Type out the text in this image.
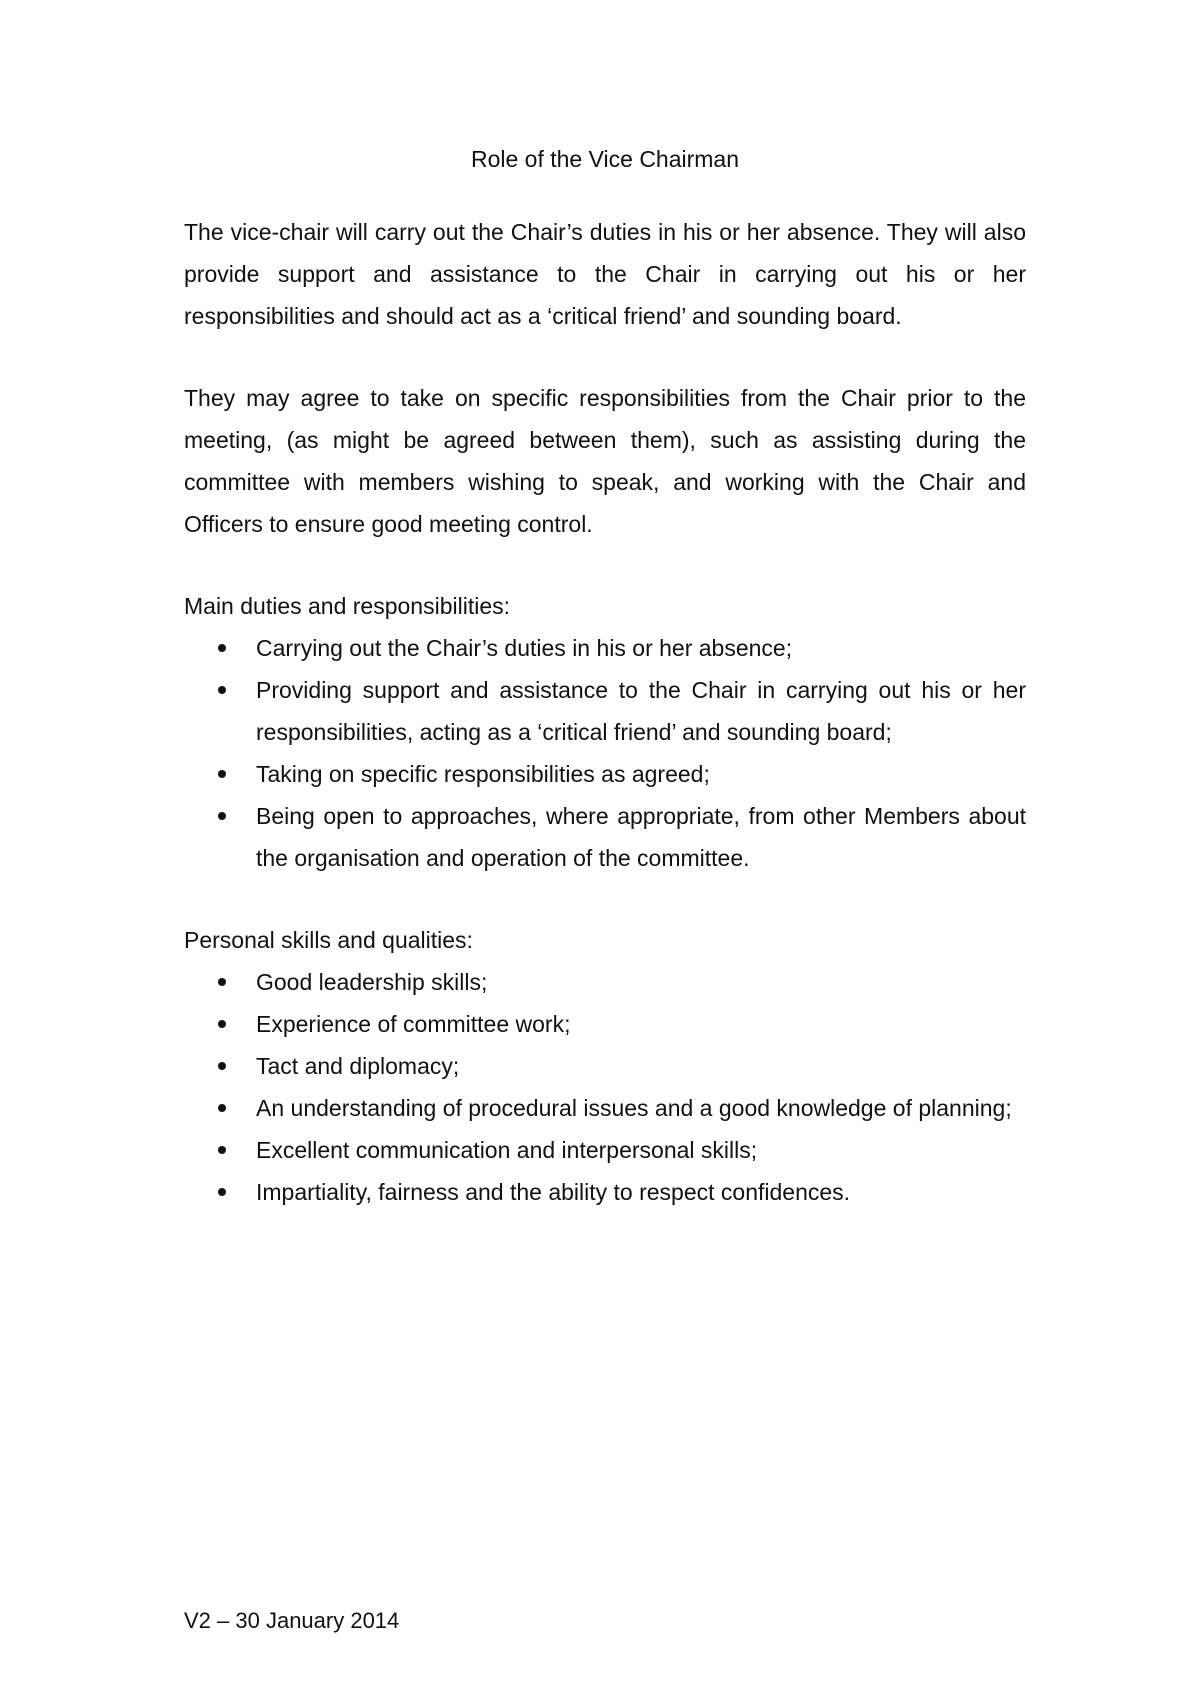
Role of the Vice Chairman

The vice-chair will carry out the Chair’s duties in his or her absence. They will also provide support and assistance to the Chair in carrying out his or her responsibilities and should act as a ‘critical friend’ and sounding board.

They may agree to take on specific responsibilities from the Chair prior to the meeting, (as might be agreed between them), such as assisting during the committee with members wishing to speak, and working with the Chair and Officers to ensure good meeting control.

Main duties and responsibilities:
Carrying out the Chair’s duties in his or her absence;
Providing support and assistance to the Chair in carrying out his or her responsibilities, acting as a ‘critical friend’ and sounding board;
Taking on specific responsibilities as agreed;
Being open to approaches, where appropriate, from other Members about the organisation and operation of the committee.
Personal skills and qualities:
Good leadership skills;
Experience of committee work;
Tact and diplomacy;
An understanding of procedural issues and a good knowledge of planning;
Excellent communication and interpersonal skills;
Impartiality, fairness and the ability to respect confidences.
V2 – 30 January 2014
